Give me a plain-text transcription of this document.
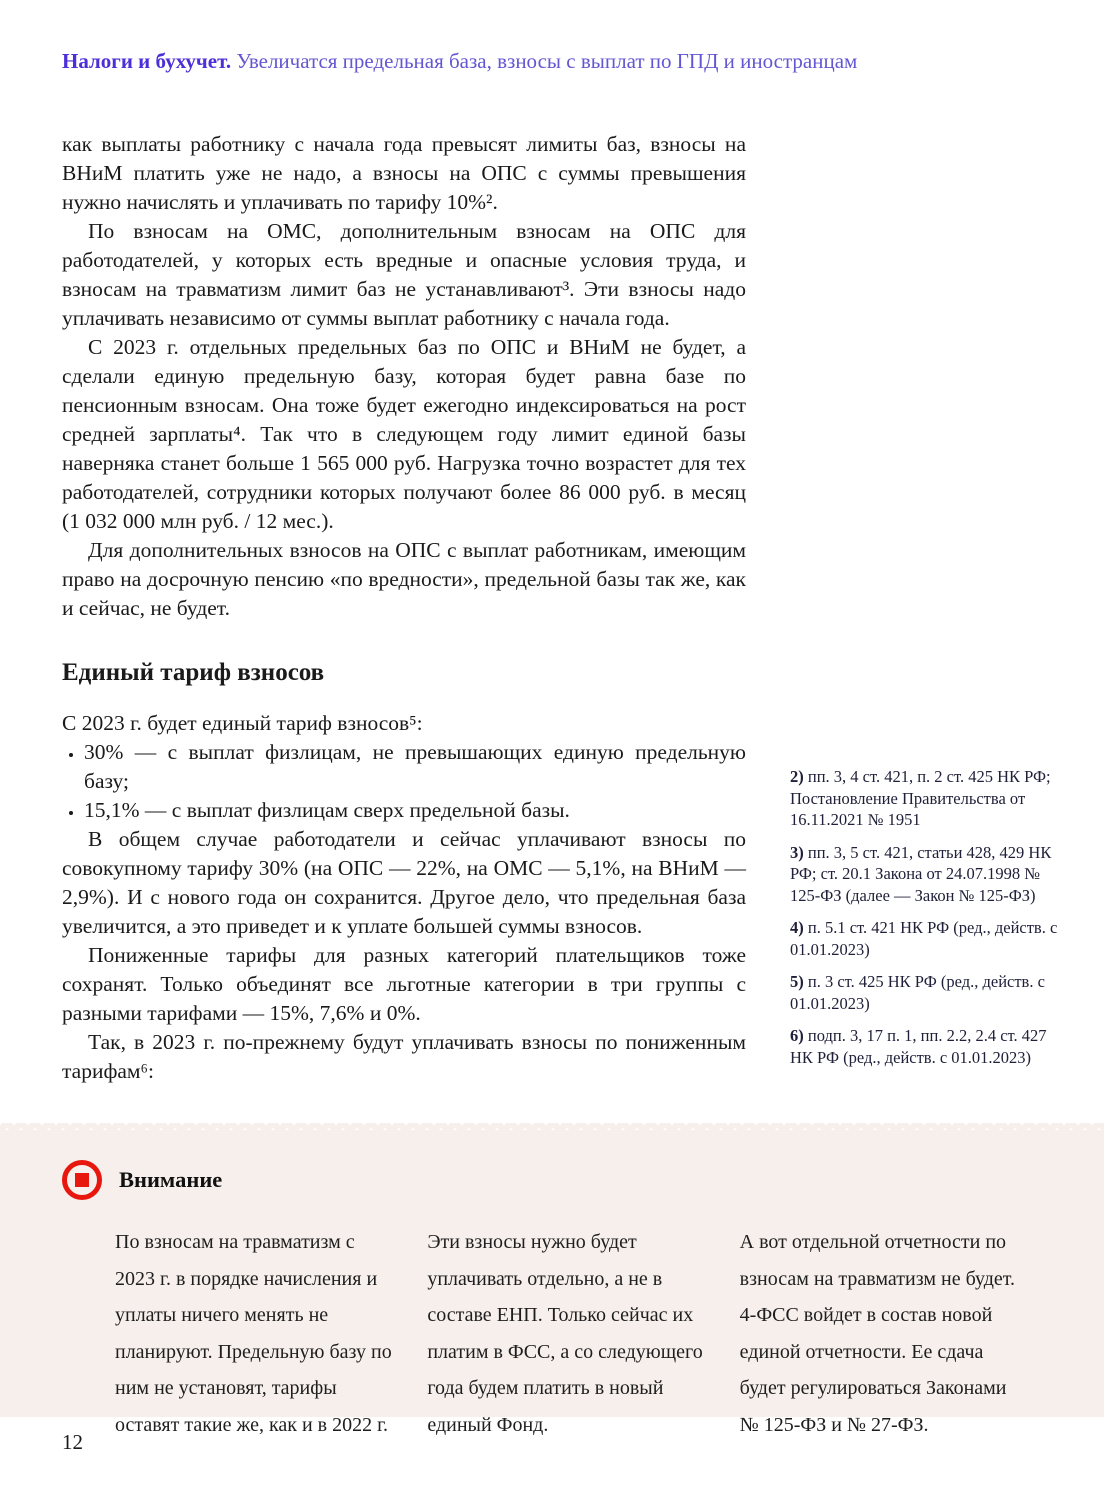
Налоги и бухучет. Увеличатся предельная база, взносы с выплат по ГПД и иностранцам

как выплаты работнику с начала года превысят лимиты баз, взносы на ВНиМ платить уже не надо, а взносы на ОПС с суммы превышения нужно начислять и уплачивать по тарифу 10%².

По взносам на ОМС, дополнительным взносам на ОПС для работодателей, у которых есть вредные и опасные условия труда, и взносам на травматизм лимит баз не устанавливают³. Эти взносы надо уплачивать независимо от суммы выплат работнику с начала года.

С 2023 г. отдельных предельных баз по ОПС и ВНиМ не будет, а сделали единую предельную базу, которая будет равна базе по пенсионным взносам. Она тоже будет ежегодно индексироваться на рост средней зарплаты⁴. Так что в следующем году лимит единой базы наверняка станет больше 1 565 000 руб. Нагрузка точно возрастет для тех работодателей, сотрудники которых получают более 86 000 руб. в месяц (1 032 000 млн руб. / 12 мес.).

Для дополнительных взносов на ОПС с выплат работникам, имеющим право на досрочную пенсию «по вредности», предельной базы так же, как и сейчас, не будет.

Единый тариф взносов

С 2023 г. будет единый тариф взносов⁵:

• 30% — с выплат физлицам, не превышающих единую предельную базу;
• 15,1% — с выплат физлицам сверх предельной базы.

В общем случае работодатели и сейчас уплачивают взносы по совокупному тарифу 30% (на ОПС — 22%, на ОМС — 5,1%, на ВНиМ — 2,9%). И с нового года он сохранится. Другое дело, что предельная база увеличится, а это приведет и к уплате большей суммы взносов.

Пониженные тарифы для разных категорий плательщиков тоже сохранят. Только объединят все льготные категории в три группы с разными тарифами — 15%, 7,6% и 0%.

Так, в 2023 г. по-прежнему будут уплачивать взносы по пониженным тарифам⁶:

2) пп. 3, 4 ст. 421, п. 2 ст. 425 НК РФ; Постановление Правительства от 16.11.2021 № 1951

3) пп. 3, 5 ст. 421, статьи 428, 429 НК РФ; ст. 20.1 Закона от 24.07.1998 № 125-ФЗ (далее — Закон № 125-ФЗ)

4) п. 5.1 ст. 421 НК РФ (ред., действ. с 01.01.2023)

5) п. 3 ст. 425 НК РФ (ред., действ. с 01.01.2023)

6) подп. 3, 17 п. 1, пп. 2.2, 2.4 ст. 427 НК РФ (ред., действ. с 01.01.2023)

Внимание
По взносам на травматизм с 2023 г. в порядке начисления и уплаты ничего менять не планируют. Предельную базу по ним не установят, тарифы оставят такие же, как и в 2022 г.
Эти взносы нужно будет уплачивать отдельно, а не в составе ЕНП. Только сейчас их платим в ФСС, а со следующего года будем платить в новый единый Фонд.
А вот отдельной отчетности по взносам на травматизм не будет. 4-ФСС войдет в состав новой единой отчетности. Ее сдача будет регулироваться Законами № 125-ФЗ и № 27-ФЗ.
12
